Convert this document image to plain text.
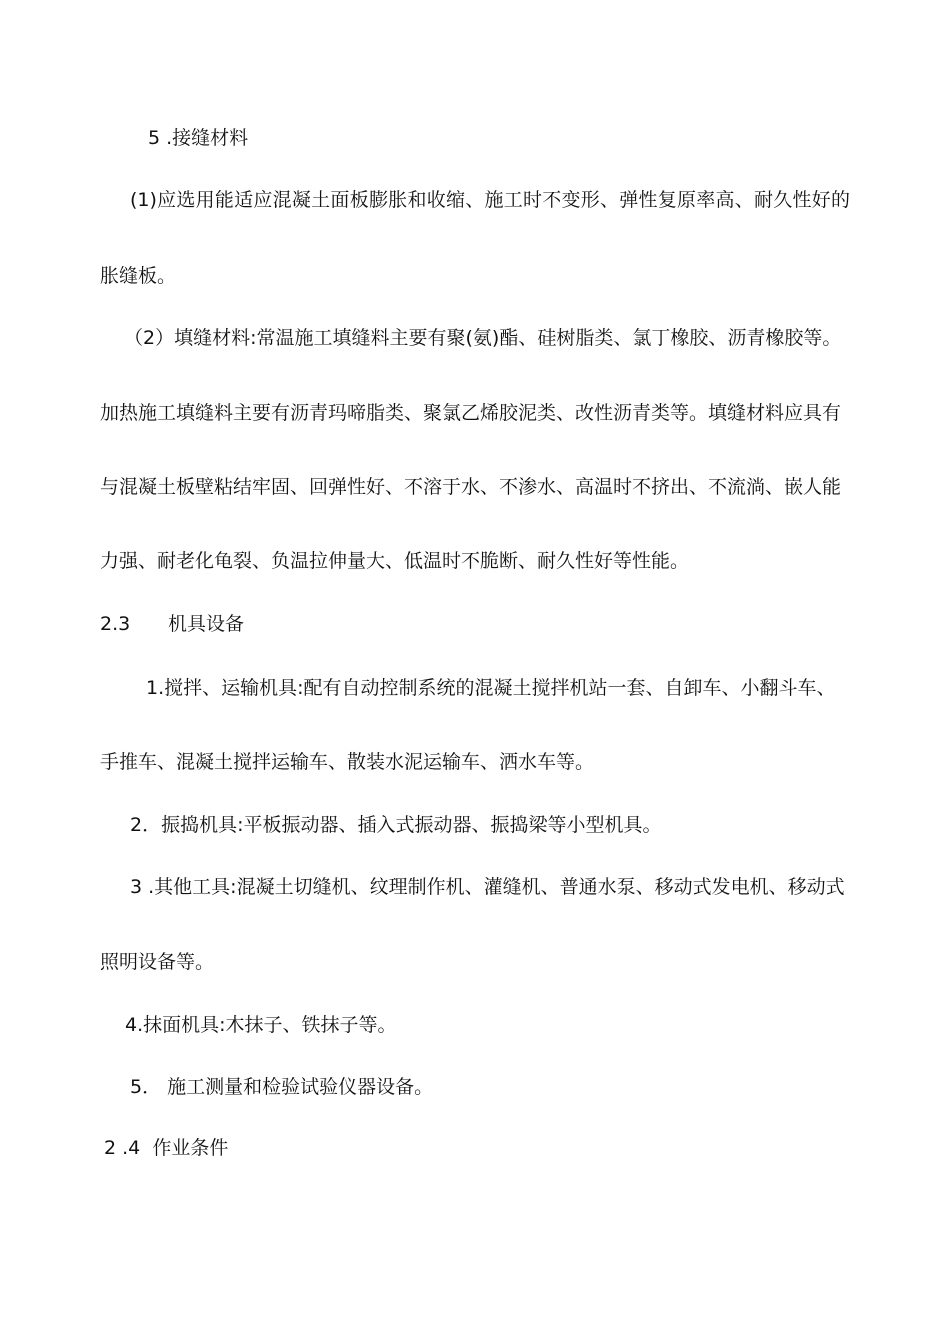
5 .接缝材料
(1)应选用能适应混凝土面板膨胀和收缩、施工时不变形、弹性复原率高、耐久性好的
胀缝板。
（2）填缝材料:常温施工填缝料主要有聚(氨)酯、硅树脂类、氯丁橡胶、沥青橡胶等。
加热施工填缝料主要有沥青玛啼脂类、聚氯乙烯胶泥类、改性沥青类等。填缝材料应具有
与混凝土板壁粘结牢固、回弹性好、不溶于水、不渗水、高温时不挤出、不流淌、嵌人能
力强、耐老化龟裂、负温拉伸量大、低温时不脆断、耐久性好等性能。
2.3 机具设备
1.搅拌、运输机具:配有自动控制系统的混凝土搅拌机站一套、自卸车、小翻斗车、
手推车、混凝土搅拌运输车、散装水泥运输车、洒水车等。
2．振捣机具:平板振动器、插入式振动器、振捣梁等小型机具。
3 .其他工具:混凝土切缝机、纹理制作机、灌缝机、普通水泵、移动式发电机、移动式
照明设备等。
4.抹面机具:木抹子、铁抹子等。
5． 施工测量和检验试验仪器设备。
2 .4  作业条件
